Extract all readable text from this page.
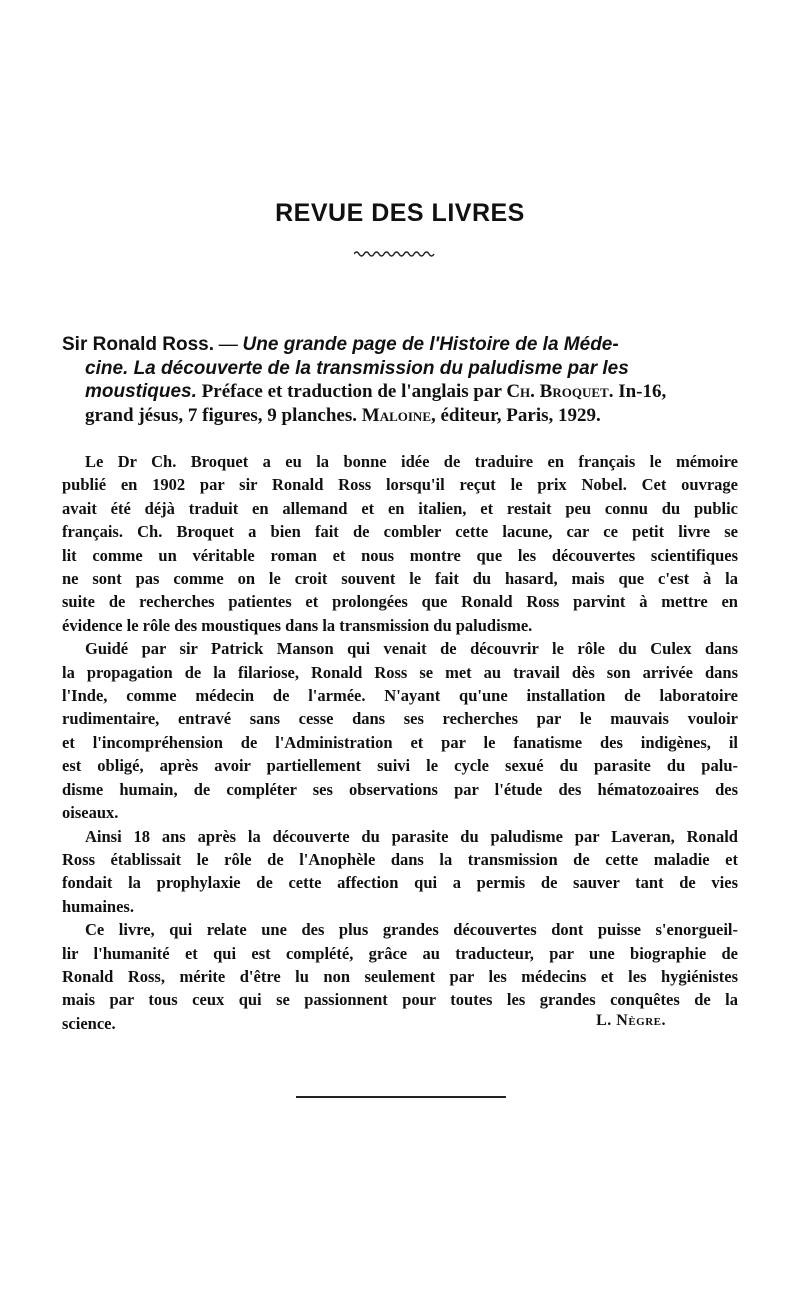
REVUE DES LIVRES
Sir Ronald Ross. — Une grande page de l'Histoire de la Méde-
cine. La découverte de la transmission du paludisme par les
moustiques. Préface et traduction de l'anglais par Ch. Broquet. In-16,
grand jésus, 7 figures, 9 planches. Maloine, éditeur, Paris, 1929.
Le Dr Ch. Broquet a eu la bonne idée de traduire en français le mémoire
publié en 1902 par sir Ronald Ross lorsqu'il reçut le prix Nobel. Cet ouvrage
avait été déjà traduit en allemand et en italien, et restait peu connu du public
français. Ch. Broquet a bien fait de combler cette lacune, car ce petit livre se
lit comme un véritable roman et nous montre que les découvertes scientifiques
ne sont pas comme on le croit souvent le fait du hasard, mais que c'est à la
suite de recherches patientes et prolongées que Ronald Ross parvint à mettre en
évidence le rôle des moustiques dans la transmission du paludisme.
Guidé par sir Patrick Manson qui venait de découvrir le rôle du Culex dans
la propagation de la filariose, Ronald Ross se met au travail dès son arrivée dans
l'Inde, comme médecin de l'armée. N'ayant qu'une installation de laboratoire
rudimentaire, entravé sans cesse dans ses recherches par le mauvais vouloir
et l'incompréhension de l'Administration et par le fanatisme des indigènes, il
est obligé, après avoir partiellement suivi le cycle sexué du parasite du palu-
disme humain, de compléter ses observations par l'étude des hématozoaires des
oiseaux.
Ainsi 18 ans après la découverte du parasite du paludisme par Laveran, Ronald
Ross établissait le rôle de l'Anophèle dans la transmission de cette maladie et
fondait la prophylaxie de cette affection qui a permis de sauver tant de vies
humaines.
Ce livre, qui relate une des plus grandes découvertes dont puisse s'enorgueil-
lir l'humanité et qui est complété, grâce au traducteur, par une biographie de
Ronald Ross, mérite d'être lu non seulement par les médecins et les hygiénistes
mais par tous ceux qui se passionnent pour toutes les grandes conquêtes de la
science.	L. Nègre.
